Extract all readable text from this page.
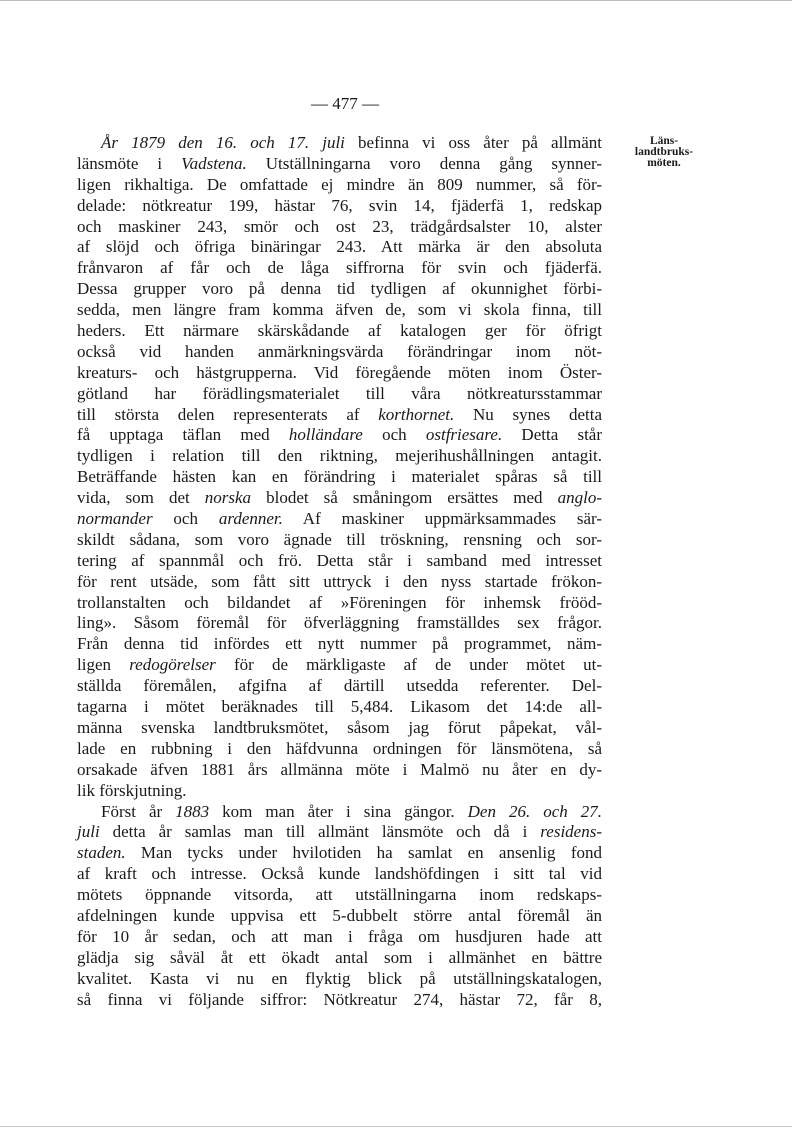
— 477 —
Läns-
landtbruks-
möten.
År 1879 den 16. och 17. juli befinna vi oss åter på allmänt
länsmöte i Vadstena. Utställningarna voro denna gång synner-
ligen rikhaltiga. De omfattade ej mindre än 809 nummer, så för-
delade: nötkreatur 199, hästar 76, svin 14, fjäderfä 1, redskap
och maskiner 243, smör och ost 23, trädgårdsalster 10, alster
af slöjd och öfriga binäringar 243. Att märka är den absoluta
frånvaron af får och de låga siffrorna för svin och fjäderfä.
Dessa grupper voro på denna tid tydligen af okunnighet förbi-
sedda, men längre fram komma äfven de, som vi skola finna, till
heders. Ett närmare skärskådande af katalogen ger för öfrigt
också vid handen anmärkningsvärda förändringar inom nöt-
kreaturs- och hästgrupperna. Vid föregående möten inom Öster-
götland har förädlingsmaterialet till våra nötkreatursstammar
till största delen representerats af korthornet. Nu synes detta
få upptaga täflan med holländare och ostfriesare. Detta står
tydligen i relation till den riktning, mejerihushållningen antagit.
Beträffande hästen kan en förändring i materialet spåras så till
vida, som det norska blodet så småningom ersättes med anglo-
normander och ardenner. Af maskiner uppmärksammades sär-
skildt sådana, som voro ägnade till tröskning, rensning och sor-
tering af spannmål och frö. Detta står i samband med intresset
för rent utsäde, som fått sitt uttryck i den nyss startade frökon-
trollanstalten och bildandet af »Föreningen för inhemsk frööd-
ling». Såsom föremål för öfverläggning framställdes sex frågor.
Från denna tid infördes ett nytt nummer på programmet, näm-
ligen redogörelser för de märkligaste af de under mötet ut-
ställda föremålen, afgifna af därtill utsedda referenter. Del-
tagarna i mötet beräknades till 5,484. Likasom det 14:de all-
männa svenska landtbruksmötet, såsom jag förut påpekat, vål-
lade en rubbning i den häfdvunna ordningen för länsmötena, så
orsakade äfven 1881 års allmänna möte i Malmö nu åter en dy-
lik förskjutning.
Först år 1883 kom man åter i sina gängor. Den 26. och 27.
juli detta år samlas man till allmänt länsmöte och då i residens-
staden. Man tycks under hvilotiden ha samlat en ansenlig fond
af kraft och intresse. Också kunde landshöfdingen i sitt tal vid
mötets öppnande vitsorda, att utställningarna inom redskaps-
afdelningen kunde uppvisa ett 5-dubbelt större antal föremål än
för 10 år sedan, och att man i fråga om husdjuren hade att
glädja sig såväl åt ett ökadt antal som i allmänhet en bättre
kvalitet. Kasta vi nu en flyktig blick på utställningskatalogen,
så finna vi följande siffror: Nötkreatur 274, hästar 72, får 8,
